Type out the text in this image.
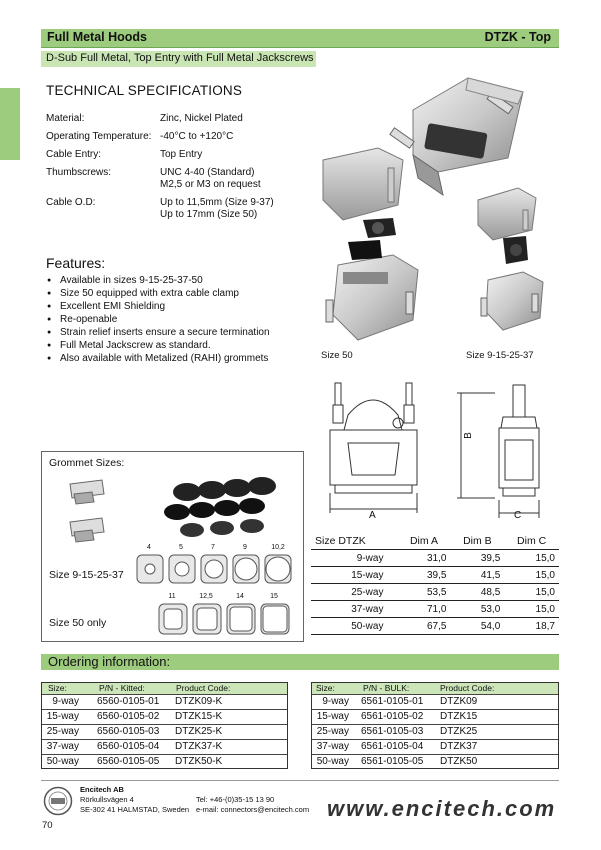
Full Metal Hoods	DTZK - Top
D-Sub Full Metal, Top Entry with Full Metal Jackscrews
TECHNICAL SPECIFICATIONS
Material:	Zinc, Nickel Plated
Operating Temperature: -40°C to +120°C
Cable Entry:	Top Entry
Thumbscrews:	UNC 4-40 (Standard)
M2,5 or M3 on request
Cable O.D:	Up to 11,5mm (Size 9-37)
Up to 17mm (Size 50)
Features:
● Available in sizes 9-15-25-37-50
● Size 50 equipped with extra cable clamp
● Excellent EMI Shielding
● Re-openable
● Strain relief inserts ensure a secure termination
● Full Metal Jackscrew as standard.
● Also available with Metalized (RAHI) grommets	Size 50	Size 9-15-25-37
A
B
C
Grommet Sizes:
Size 9-15-25-37
Size 50 only
4	5	7	9	10,2
11	12,5	14	15
Size DTZK	Dim A	Dim B	Dim C
9-way	31,0	39,5	15,0
15-way	39,5	41,5	15,0
25-way	53,5	48,5	15,0
37-way	71,0	53,0	15,0
50-way	67,5	54,0	18,7
Ordering information:
Size:	P/N - Kitted:	Product Code:
9-way 6560-0105-01 DTZK09-K
15-way 6560-0105-02 DTZK15-K
25-way 6560-0105-03 DTZK25-K
37-way 6560-0105-04 DTZK37-K
50-way 6560-0105-05 DTZK50-K
Size:	P/N - BULK:	Product Code:
9-way 6561-0105-01 DTZK09
15-way 6561-0105-02 DTZK15
25-way 6561-0105-03 DTZK25
37-way 6561-0105-04 DTZK37
50-way 6561-0105-05 DTZK50
Encitech AB
Rörkullsvägen 4
SE-302 41 HALMSTAD, Sweden
Tel: +46-(0)35-15 13 90
e-mail: connectors@encitech.com www.encitech.com
70
